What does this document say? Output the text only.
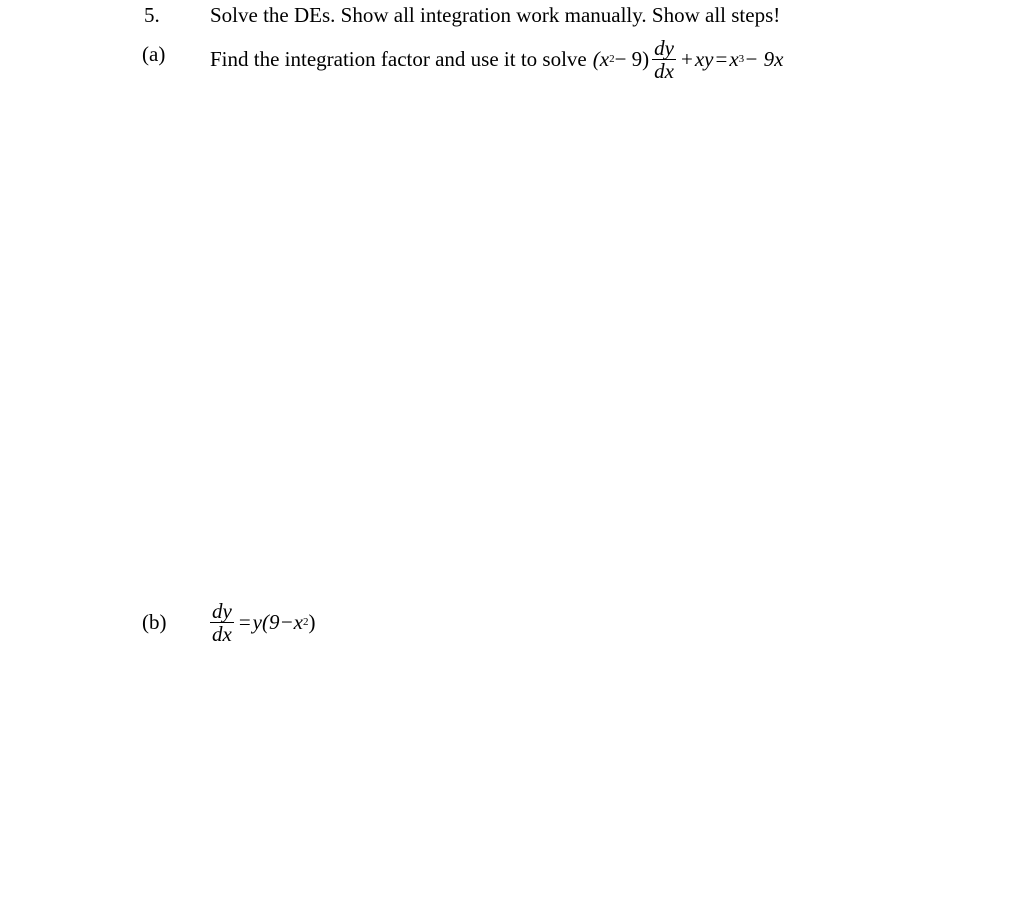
5. Solve the DEs. Show all integration work manually. Show all steps!
(a) Find the integration factor and use it to solve (x $2 - 9) \frac{dy}{dx}$ + xy = x 3 − 9x
$(b) \frac{dy}{dx} = y(9-x$ 2 )
